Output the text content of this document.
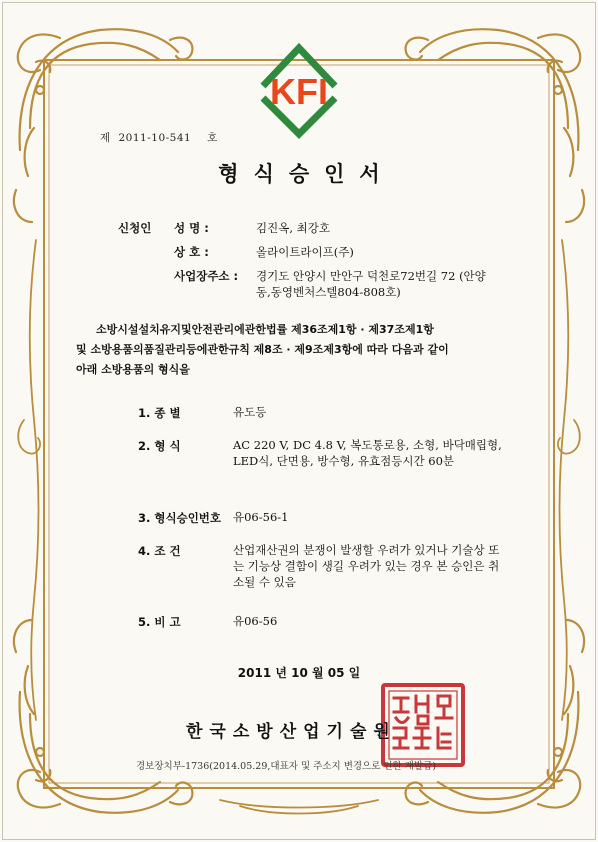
KFI
제 2011-10-541 호
형식승인서
신청인 성 명 :	김진옥, 최강호
상 호 :	올라이트라이프(주)
사업장주소 : 경기도 안양시 만안구 덕천로72번길 72 (안양
동,동영벤처스텔804-808호)
소방시설설치유지및안전관리에관한법률 제36조제1항 · 제37조제1항
및 소방용품의품질관리등에관한규칙 제8조 · 제9조제3항에 따라 다음과 같이
아래 소방용품의 형식을
1. 종 별	유도등
2. 형 식	AC 220 V, DC 4.8 V, 복도통로용, 소형, 바닥매립형,
LED식, 단면용, 방수형, 유효점등시간 60분
3. 형식승인번호 유06-56-1
4. 조 건	산업재산권의 분쟁이 발생할 우려가 있거나 기술상 또
는 기능상 결함이 생길 우려가 있는 경우 본 승인은 취
소될 수 있음
5. 비 고	유06-56
2011 년 10 월 05 일
한국소방산업기술원
경보장치부-1736(2014.05.29,대표자 및 주소지 변경으로 인한 재발급)
